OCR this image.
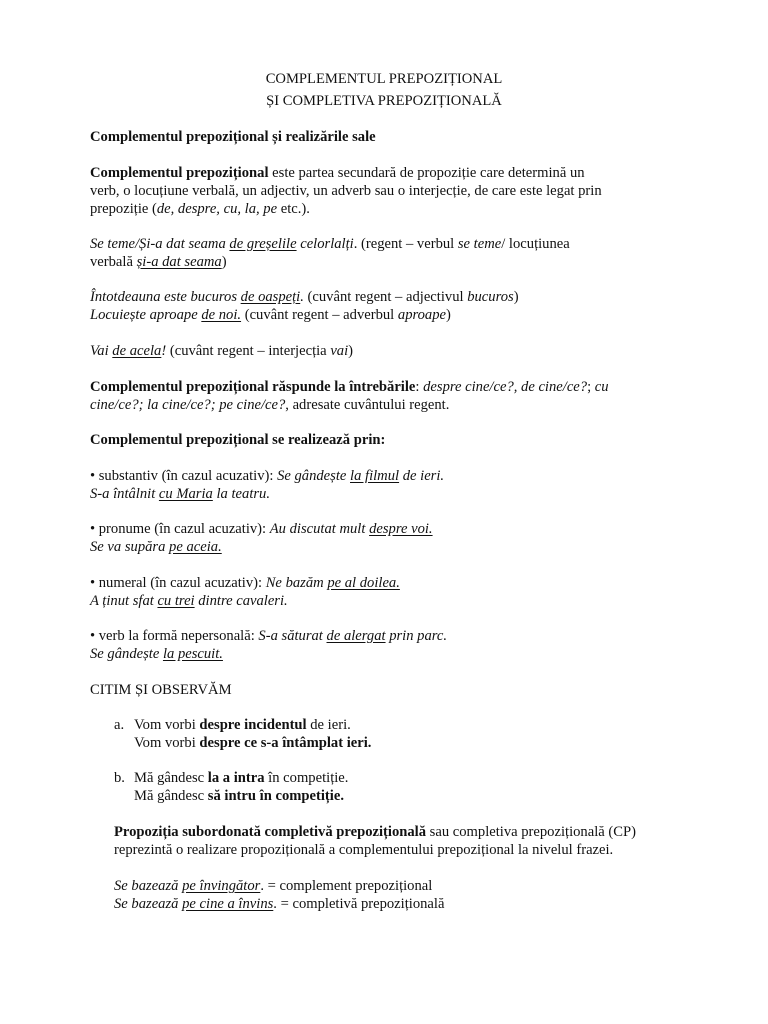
COMPLEMENTUL PREPOZIȚIONAL
ȘI COMPLETIVA PREPOZIȚIONALĂ
Complementul prepozițional și realizările sale
Complementul prepozițional este partea secundară de propoziție care determină un
verb, o locuțiune verbală, un adjectiv, un adverb sau o interjecție, de care este legat prin
prepoziție (de, despre, cu, la, pe etc.).
Se teme/Și-a dat seama de greșelile celorlalți. (regent – verbul se teme/ locuțiunea
verbală și-a dat seama)
Întotdeauna este bucuros de oaspeți. (cuvânt regent – adjectivul bucuros)
Locuiește aproape de noi. (cuvânt regent – adverbul aproape)
Vai de acela! (cuvânt regent – interjecția vai)
Complementul prepozițional răspunde la întrebările: despre cine/ce?, de cine/ce?; cu
cine/ce?; la cine/ce?; pe cine/ce?, adresate cuvântului regent.
Complementul prepozițional se realizează prin:
• substantiv (în cazul acuzativ): Se gândește la filmul de ieri.
S-a întâlnit cu Maria la teatru.
• pronume (în cazul acuzativ): Au discutat mult despre voi.
Se va supăra pe aceia.
• numeral (în cazul acuzativ): Ne bazăm pe al doilea.
A ținut sfat cu trei dintre cavaleri.
• verb la formă nepersonală: S-a săturat de alergat prin parc.
Se gândește la pescuit.
CITIM ȘI OBSERVĂM
a. Vom vorbi despre incidentul de ieri.
Vom vorbi despre ce s-a întâmplat ieri.
b. Mă gândesc la a intra în competiție.
Mă gândesc să intru în competiție.
Propoziția subordonată completivă prepozițională sau completiva prepozițională (CP)
reprezintă o realizare propozițională a complementului prepozițional la nivelul frazei.
Se bazează pe învingător. = complement prepozițional
Se bazează pe cine a învins. = completivă prepozițională
